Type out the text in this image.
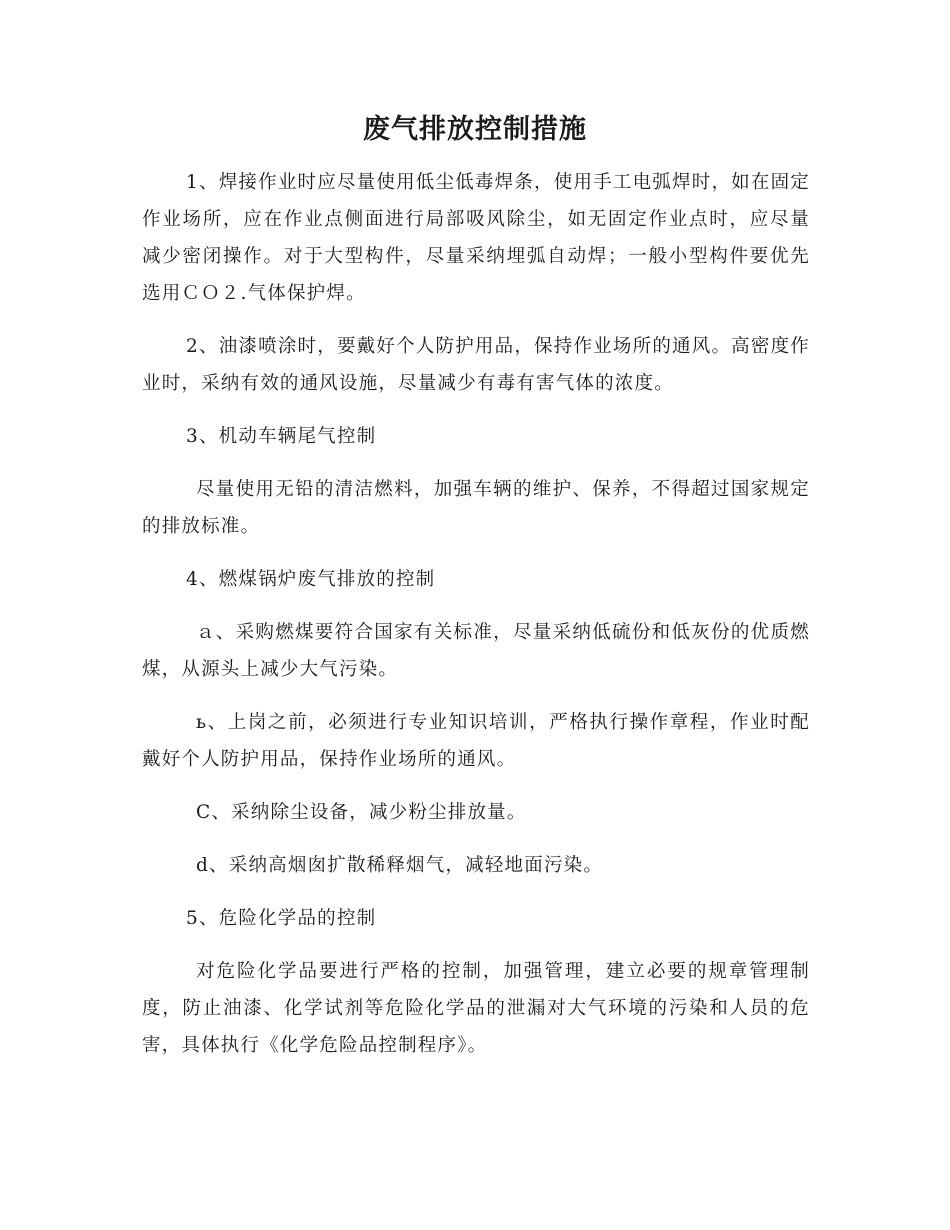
废气排放控制措施

1、焊接作业时应尽量使用低尘低毒焊条，使用手工电弧焊时，如在固定作业场所，应在作业点侧面进行局部吸风除尘，如无固定作业点时，应尽量减少密闭操作。对于大型构件，尽量采纳埋弧自动焊；一般小型构件要优先选用ＣＯ２.气体保护焊。

2、油漆喷涂时，要戴好个人防护用品，保持作业场所的通风。高密度作业时，采纳有效的通风设施，尽量减少有毒有害气体的浓度。

3、机动车辆尾气控制

尽量使用无铅的清洁燃料，加强车辆的维护、保养，不得超过国家规定的排放标准。

4、燃煤锅炉废气排放的控制

ａ、采购燃煤要符合国家有关标准，尽量采纳低硫份和低灰份的优质燃煤，从源头上减少大气污染。

ь、上岗之前，必须进行专业知识培训，严格执行操作章程，作业时配戴好个人防护用品，保持作业场所的通风。

C、采纳除尘设备，减少粉尘排放量。

d、采纳高烟囱扩散稀释烟气，减轻地面污染。

5、危险化学品的控制

对危险化学品要进行严格的控制，加强管理，建立必要的规章管理制度，防止油漆、化学试剂等危险化学品的泄漏对大气环境的污染和人员的危害，具体执行《化学危险品控制程序》。
